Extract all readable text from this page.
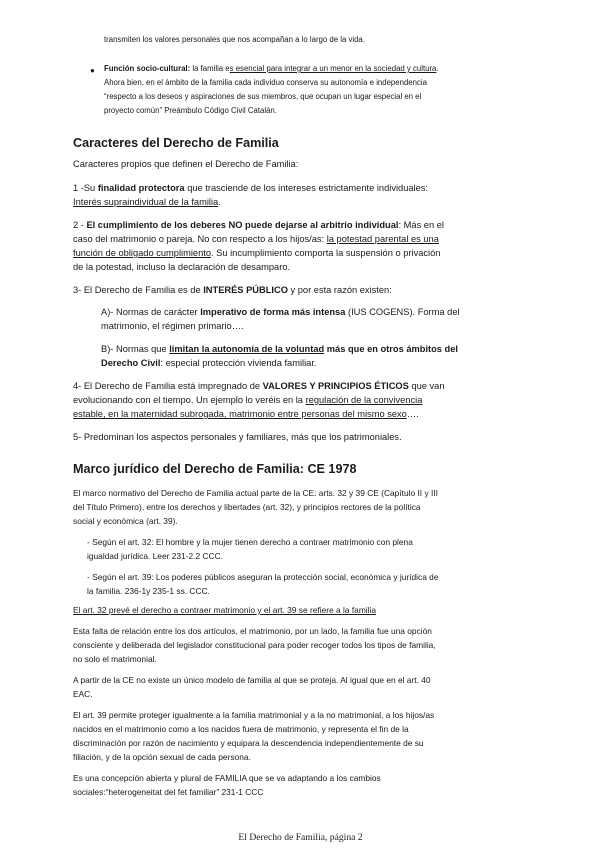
transmiten los valores personales que nos acompañan a lo largo de la vida.
● Función socio-cultural: la familia es esencial para integrar a un menor en la sociedad y cultura.
Ahora bien, en el ámbito de la familia cada individuo conserva su autonomía e independencia
“respecto a los deseos y aspiraciones de sus miembros, que ocupan un lugar especial en el
proyecto común” Preámbulo Código Civil Catalán.
Caracteres del Derecho de Familia
Caracteres propios que definen el Derecho de Familia:
1 -Su finalidad protectora que trasciende de los intereses estrictamente individuales:
Interés supraindividual de la familia.
2 - El cumplimiento de los deberes NO puede dejarse al arbitrio individual: Más en el
caso del matrimonio o pareja. No con respecto a los hijos/as: la potestad parental es una
función de obligado cumplimiento. Su incumplimiento comporta la suspensión o privación
de la potestad, incluso la declaración de desamparo.
3- El Derecho de Familia es de INTERÉS PÚBLICO y por esta razón existen:
A)- Normas de carácter Imperativo de forma más intensa (IUS COGENS). Forma del
matrimonio, el régimen primario….
B)- Normas que limitan la autonomía de la voluntad más que en otros ámbitos del
Derecho Civil: especial protección vivienda familiar.
4- El Derecho de Familia está impregnado de VALORES Y PRINCIPIOS ÉTICOS que van
evolucionando con el tiempo. Un ejemplo lo veréis en la regulación de la convivencia
estable, en la maternidad subrogada, matrimonio entre personas del mismo sexo….
5- Predominan los aspectos personales y familiares, más que los patrimoniales.
Marco jurídico del Derecho de Familia: CE 1978
El marco normativo del Derecho de Familia actual parte de la CE: arts. 32 y 39 CE (Capítulo II y III
del Título Primero), entre los derechos y libertades (art. 32), y principios rectores de la política
social y económica (art. 39).
- Según el art. 32: El hombre y la mujer tienen derecho a contraer matrimonio con plena
igualdad jurídica. Leer 231-2.2 CCC.
- Según el art. 39: Los poderes públicos aseguran la protección social, económica y jurídica de
la familia. 236-1y 235-1 ss. CCC.
El art. 32 prevé el derecho a contraer matrimonio y el art. 39 se refiere a la familia
Esta falta de relación entre los dos artículos, el matrimonio, por un lado, la familia fue una opción
consciente y deliberada del legislador constitucional para poder recoger todos los tipos de familia,
no solo el matrimonial.
A partir de la CE no existe un único modelo de familia al que se proteja. Al igual que en el art. 40
EAC.
El art. 39 permite proteger igualmente a la familia matrimonial y a la no matrimonial, a los hijos/as
nacidos en el matrimonio como a los nacidos fuera de matrimonio, y representa el fin de la
discriminación por razón de nacimiento y equipara la descendencia independientemente de su
filiación, y de la opción sexual de cada persona.
Es una concepción abierta y plural de FAMILIA que se va adaptando a los cambios
sociales:“heterogeneitat del fet familiar” 231-1 CCC
El Derecho de Familia, página 2
